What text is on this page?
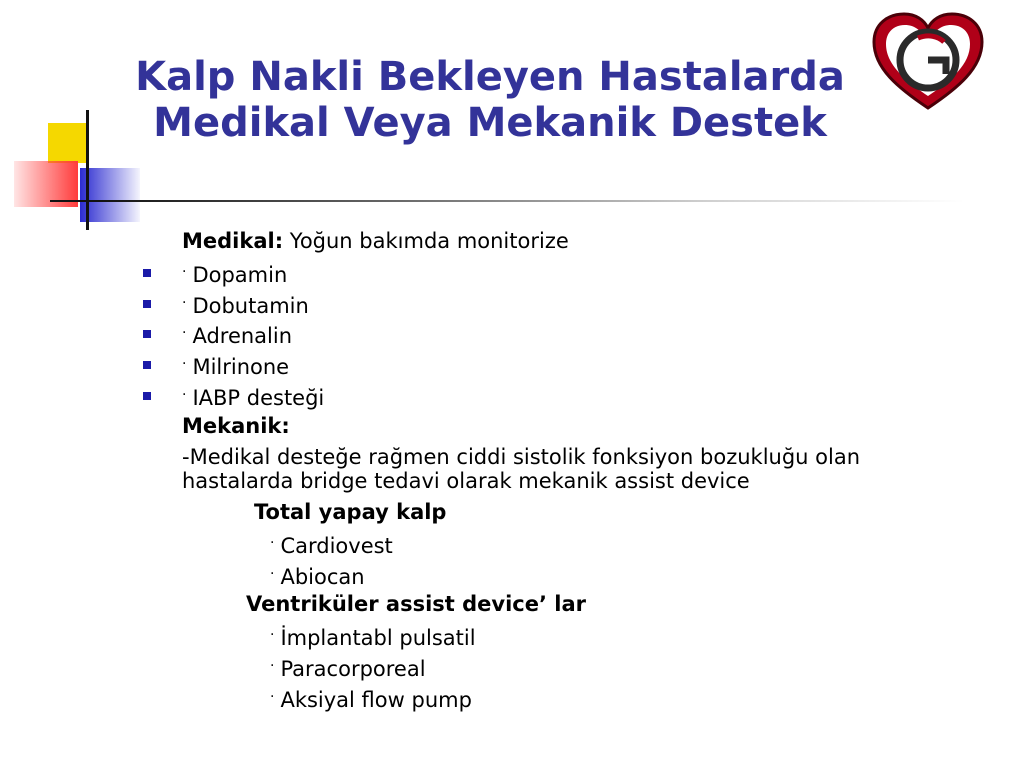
Kalp Nakli Bekleyen Hastalarda
Medikal Veya Mekanik Destek
Medikal: Yoğun bakımda monitorize
· Dopamin
· Dobutamin
· Adrenalin
· Milrinone
· IABP desteği
Mekanik:
-Medikal desteğe rağmen ciddi sistolik fonksiyon bozukluğu olan
hastalarda bridge tedavi olarak mekanik assist device
Total yapay kalp
· Cardiovest
· Abiocan
Ventriküler assist device’ lar
· İmplantabl pulsatil
· Paracorporeal
· Aksiyal flow pump
